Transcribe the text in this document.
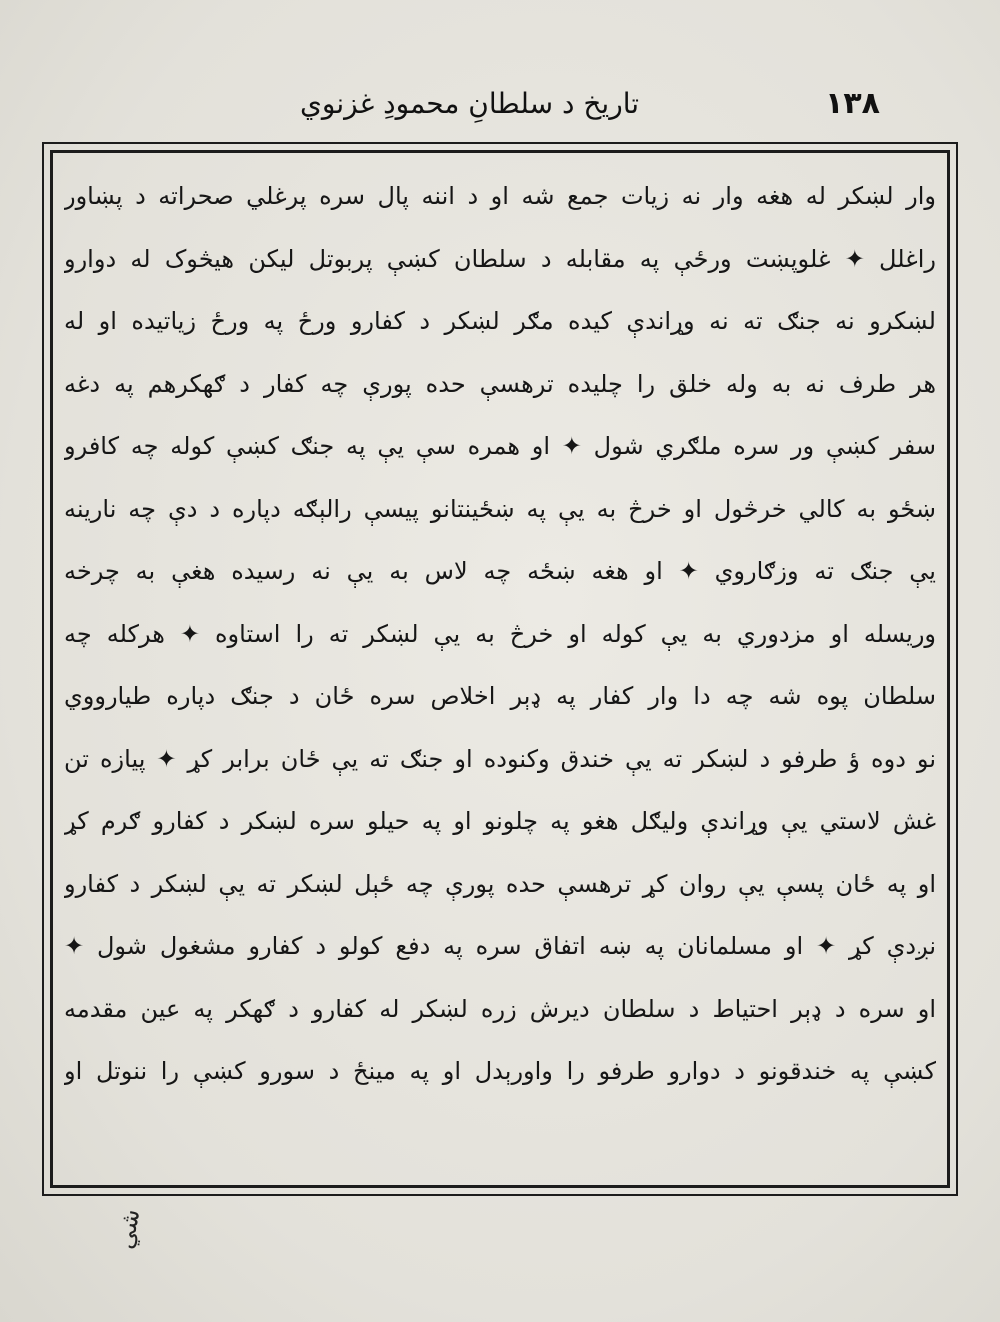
١٣٨
تاريخ د سلطانِ محمودِ غزنوي
وار لښکر له هغه وار نه زيات جمع شه او د اننه پال سره پرغلي صحراته د پښاور
راغلل ✦ غلوپښت ورځې په مقابله د سلطان کښې پربوتل ليکن هيڅوک له دوارو
لښکرو نه جنګ ته نه وړاندې کيده مګر لښکر د کفارو ورځ په ورځ زياتيده او له
هر طرف نه به وله خلق را چليده ترهسې حده پورې چه کفار د ګهکرهم په دغه
سفر کښې ور سره ملګري شول ✦ او همره سې يې په جنګ کښې کوله چه کافرو
ښځو به کالي خرڅول او خرڅ به يې په ښځينتانو پيسې رالېګه دپاره د دې چه نارينه
يې جنګ ته وزګاروي ✦ او هغه ښځه چه لاس به يې نه رسيده هغې به چرخه
وريسله او مزدوري به يې کوله او خرڅ به يې لښکر ته را استاوه ✦ هرکله چه
سلطان پوه شه چه دا وار کفار په ډېر اخلاص سره ځان د جنګ دپاره طيارووي
نو دوه ؤ طرفو د لښکر ته يې خندق وکنوده او جنګ ته يې ځان برابر کړ ✦ پيازه تن
غش لاستي يې وړاندې وليګل هغو په چلونو او په حيلو سره لښکر د کفارو ګرم کړ
او په ځان پسې يې روان کړ ترهسې حده پورې چه ځېل لښکر ته يې لښکر د کفارو
نږدې کړ ✦ او مسلمانان په ښه اتفاق سره په دفع کولو د کفارو مشغول شول ✦
او سره د ډېر احتياط د سلطان ديرش زره لښکر له کفارو د ګهکر په عين مقدمه
کښې په خندقونو د دوارو طرفو را واورېدل او په مينځ د سورو کښې را ننوتل او
شي
